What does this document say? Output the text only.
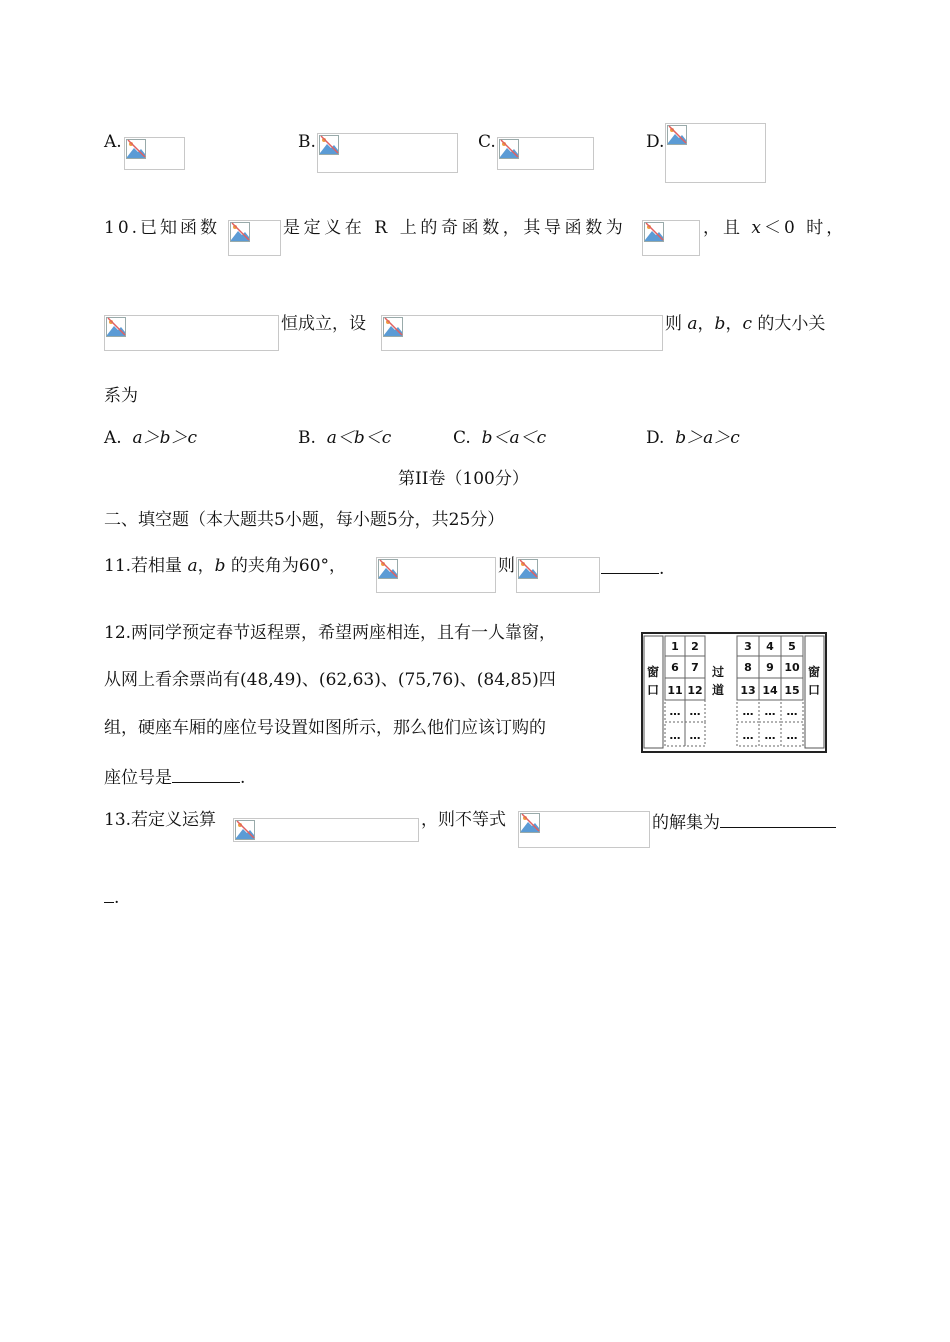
A.	B.	C.	D.
10.已知函数	是定义在 R 上的奇函数，其导函数为	，且 x＜0 时，
恒成立，设	则 a，b，c 的大小关
系为
A. a＞b＞c	B. a＜b＜c	C. b＜a＜c	D. b＞a＞c
第II卷（100分）
二、填空题（本大题共5小题，每小题5分，共25分）
11.若相量 a，b 的夹角为60°，	则	.
12.两同学预定春节返程票，希望两座相连，且有一人靠窗，
从网上看余票尚有(48,49)、(62,63)、(75,76)、(84,85)四
组，硬座车厢的座位号设置如图所示，那么他们应该订购的
座位号是	.
窗
口
过
道
窗
口
1 2	3 4 5
6 7	8 9 10
11 12	13 14 15
… …	… … …
… …	… … …
13.若定义运算	，则不等式	的解集为
.
